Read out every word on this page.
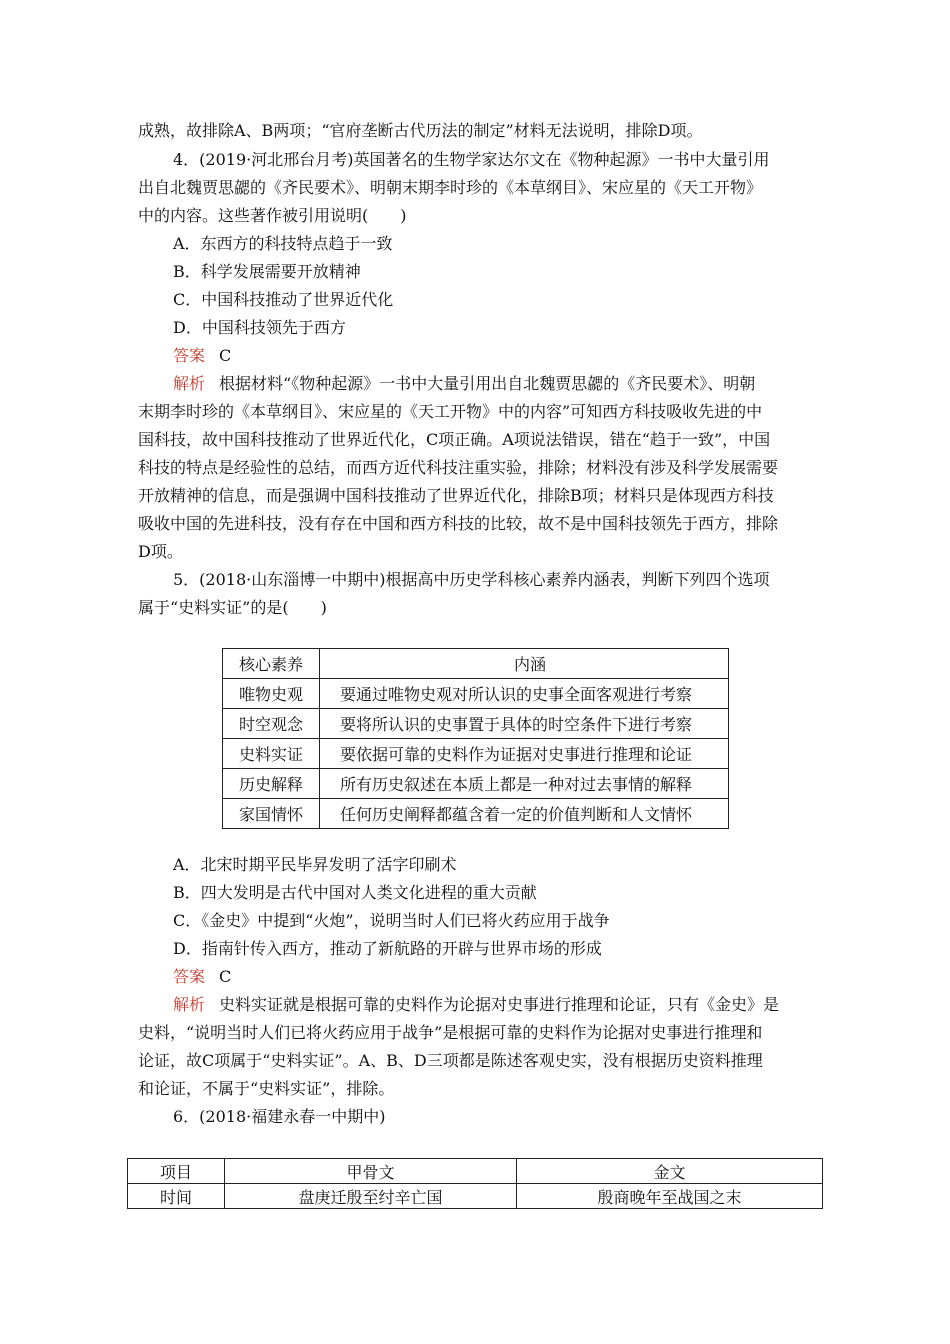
成熟，故排除A、B两项；“官府垄断古代历法的制定”材料无法说明，排除D项。
4．(2019·河北邢台月考)英国著名的生物学家达尔文在《物种起源》一书中大量引用
出自北魏贾思勰的《齐民要术》、明朝末期李时珍的《本草纲目》、宋应星的《天工开物》
中的内容。这些著作被引用说明(　　)
A．东西方的科技特点趋于一致
B．科学发展需要开放精神
C．中国科技推动了世界近代化
D．中国科技领先于西方
答案 C
解析 根据材料“《物种起源》一书中大量引用出自北魏贾思勰的《齐民要术》、明朝
末期李时珍的《本草纲目》、宋应星的《天工开物》中的内容”可知西方科技吸收先进的中
国科技，故中国科技推动了世界近代化，C项正确。A项说法错误，错在“趋于一致”，中国
科技的特点是经验性的总结，而西方近代科技注重实验，排除；材料没有涉及科学发展需要
开放精神的信息，而是强调中国科技推动了世界近代化，排除B项；材料只是体现西方科技
吸收中国的先进科技，没有存在中国和西方科技的比较，故不是中国科技领先于西方，排除
D项。
5．(2018·山东淄博一中期中)根据高中历史学科核心素养内涵表，判断下列四个选项
属于“史料实证”的是(　　)
核心素养	内涵
唯物史观	要通过唯物史观对所认识的史事全面客观进行考察
时空观念	要将所认识的史事置于具体的时空条件下进行考察
史料实证	要依据可靠的史料作为证据对史事进行推理和论证
历史解释	所有历史叙述在本质上都是一种对过去事情的解释
家国情怀	任何历史阐释都蕴含着一定的价值判断和人文情怀
A．北宋时期平民毕昇发明了活字印刷术
B．四大发明是古代中国对人类文化进程的重大贡献
C．《金史》中提到“火炮”，说明当时人们已将火药应用于战争
D．指南针传入西方，推动了新航路的开辟与世界市场的形成
答案 C
解析 史料实证就是根据可靠的史料作为论据对史事进行推理和论证，只有《金史》是
史料，“说明当时人们已将火药应用于战争”是根据可靠的史料作为论据对史事进行推理和
论证，故C项属于“史料实证”。A、B、D三项都是陈述客观史实，没有根据历史资料推理
和论证，不属于“史料实证”，排除。
6．(2018·福建永春一中期中)
项目	甲骨文	金文
时间	盘庚迁殷至纣辛亡国	殷商晚年至战国之末
